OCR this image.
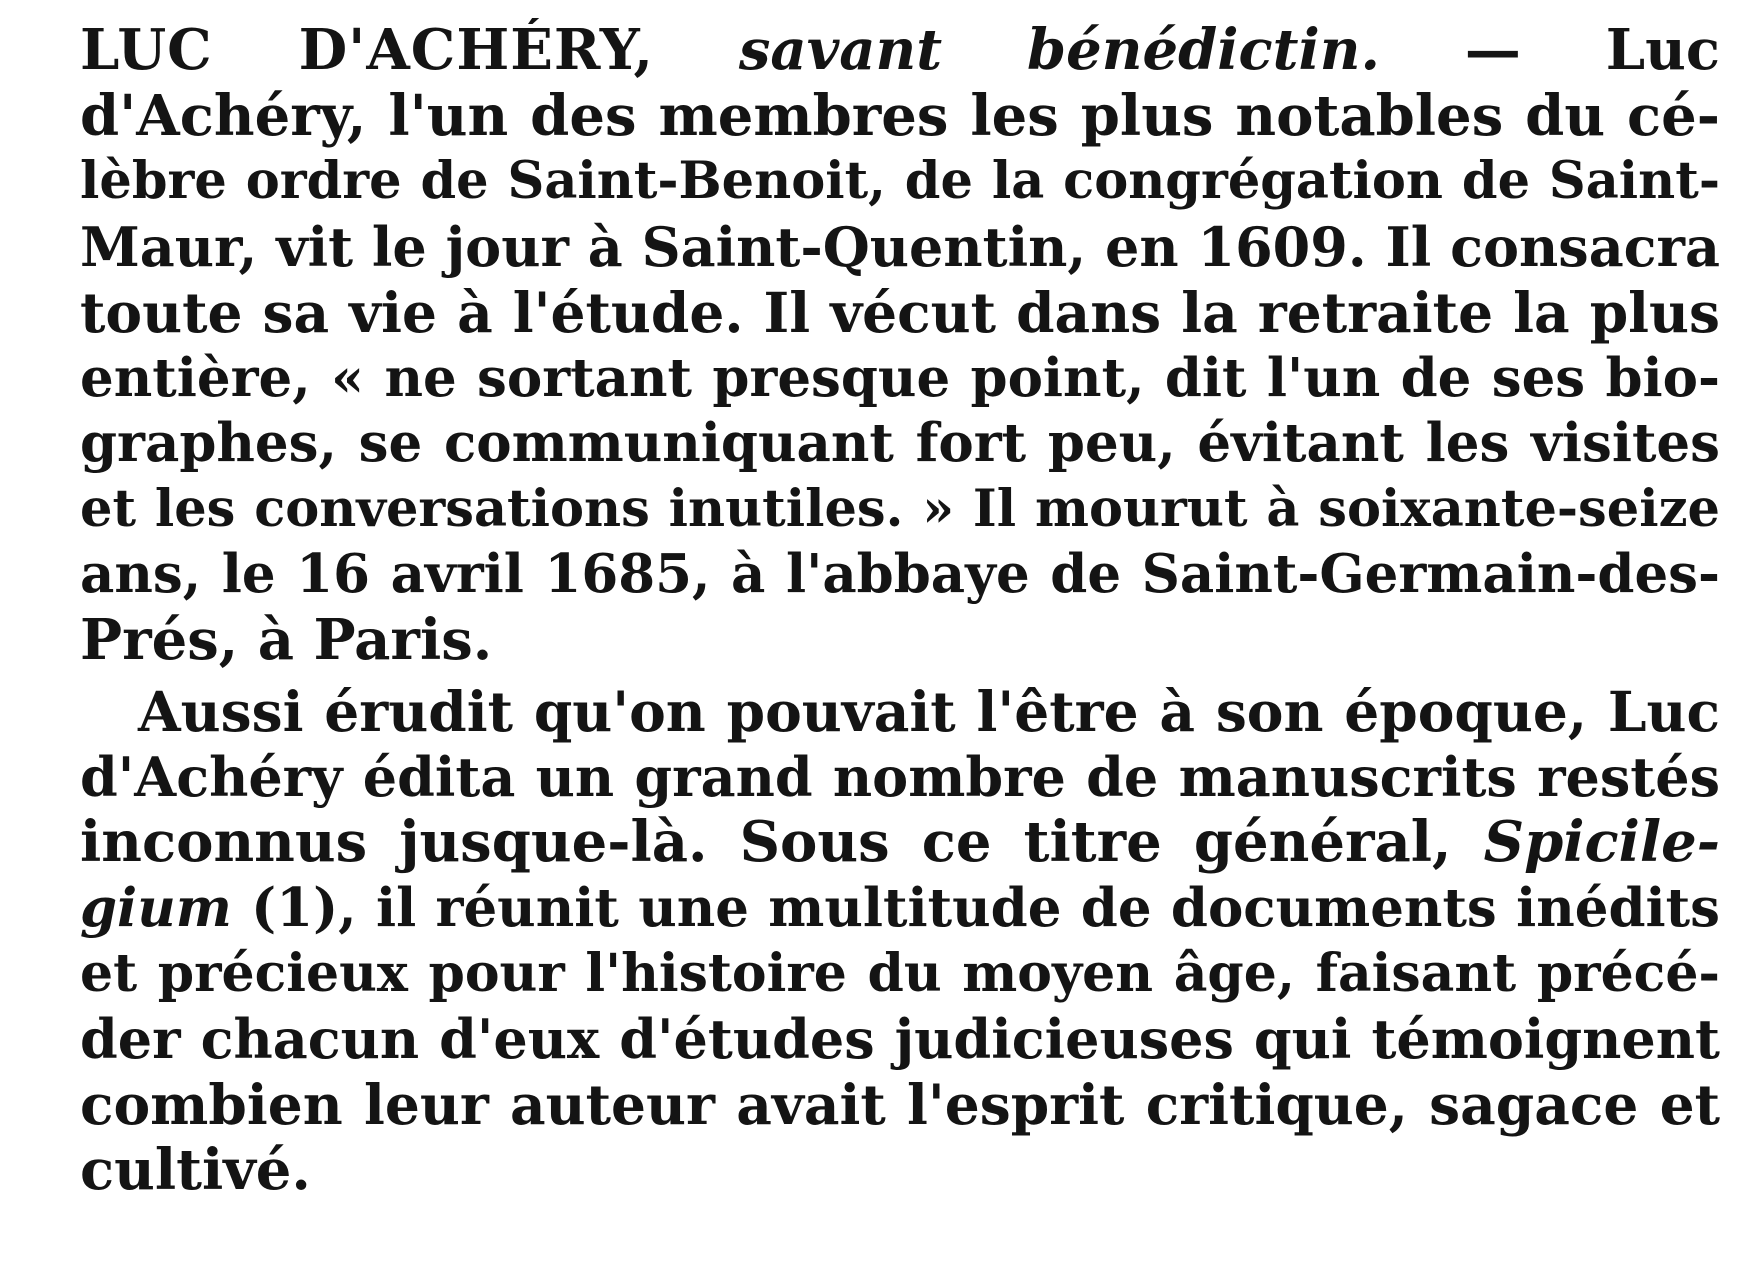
LUC D'ACHÉRY, savant bénédictin. — Luc
d'Achéry, l'un des membres les plus notables du cé-
lèbre ordre de Saint-Benoit, de la congrégation de Saint-
Maur, vit le jour à Saint-Quentin, en 1609. Il consacra
toute sa vie à l'étude. Il vécut dans la retraite la plus
entière, « ne sortant presque point, dit l'un de ses bio-
graphes, se communiquant fort peu, évitant les visites
et les conversations inutiles. » Il mourut à soixante-seize
ans, le 16 avril 1685, à l'abbaye de Saint-Germain-des-
Prés, à Paris.
Aussi érudit qu'on pouvait l'être à son époque, Luc
d'Achéry édita un grand nombre de manuscrits restés
inconnus jusque-là. Sous ce titre général, Spicile-
gium (1), il réunit une multitude de documents inédits
et précieux pour l'histoire du moyen âge, faisant précé-
der chacun d'eux d'études judicieuses qui témoignent
combien leur auteur avait l'esprit critique, sagace et
cultivé.
